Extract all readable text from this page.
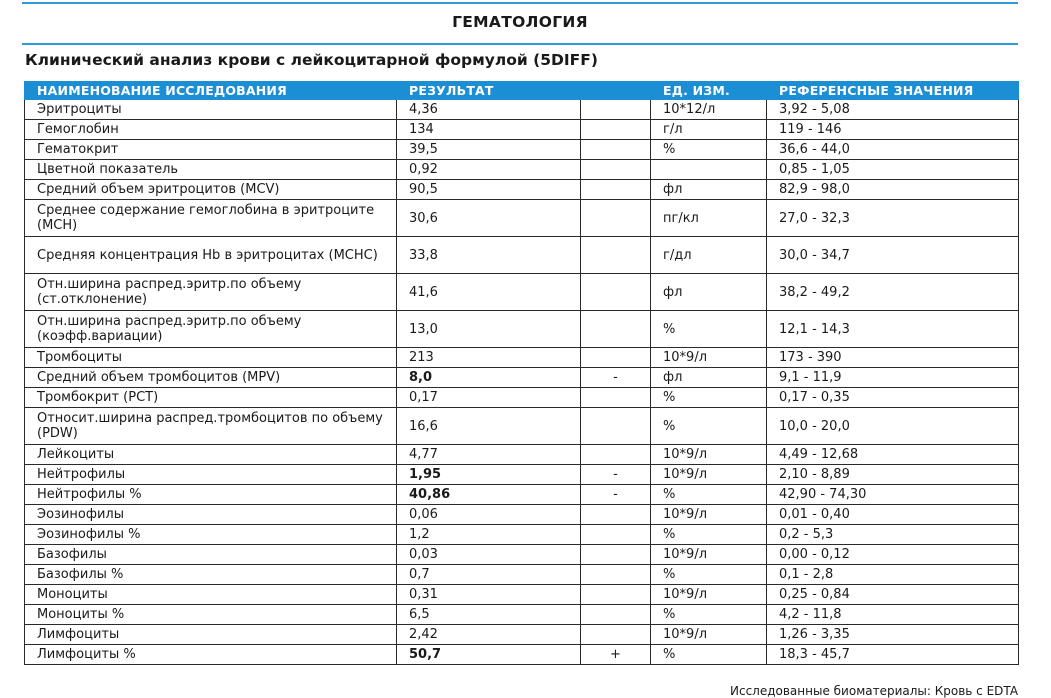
ГЕМАТОЛОГИЯ
Клинический анализ крови с лейкоцитарной формулой (5DIFF)
НАИМЕНОВАНИЕ ИССЛЕДОВАНИЯ	РЕЗУЛЬТАТ		ЕД. ИЗМ.	РЕФЕРЕНСНЫЕ ЗНАЧЕНИЯ
Эритроциты	4,36		10*12/л	3,92 - 5,08
Гемоглобин	134		г/л	119 - 146
Гематокрит	39,5		%	36,6 - 44,0
Цветной показатель	0,92			0,85 - 1,05
Средний объем эритроцитов (MCV)	90,5		фл	82,9 - 98,0
Среднее содержание гемоглобина в эритроците (MCH)	30,6		пг/кл	27,0 - 32,3
Средняя концентрация Hb в эритроцитах (MCHC)	33,8		г/дл	30,0 - 34,7
Отн.ширина распред.эритр.по объему (ст.отклонение)	41,6		фл	38,2 - 49,2
Отн.ширина распред.эритр.по объему (коэфф.вариации)	13,0		%	12,1 - 14,3
Тромбоциты	213		10*9/л	173 - 390
Средний объем тромбоцитов (MPV)	8,0	-	фл	9,1 - 11,9
Тромбокрит (PCT)	0,17		%	0,17 - 0,35
Относит.ширина распред.тромбоцитов по объему (PDW)	16,6		%	10,0 - 20,0
Лейкоциты	4,77		10*9/л	4,49 - 12,68
Нейтрофилы	1,95	-	10*9/л	2,10 - 8,89
Нейтрофилы %	40,86	-	%	42,90 - 74,30
Эозинофилы	0,06		10*9/л	0,01 - 0,40
Эозинофилы %	1,2		%	0,2 - 5,3
Базофилы	0,03		10*9/л	0,00 - 0,12
Базофилы %	0,7		%	0,1 - 2,8
Моноциты	0,31		10*9/л	0,25 - 0,84
Моноциты %	6,5		%	4,2 - 11,8
Лимфоциты	2,42		10*9/л	1,26 - 3,35
Лимфоциты %	50,7	+	%	18,3 - 45,7
Исследованные биоматериалы: Кровь с ЕDTA
